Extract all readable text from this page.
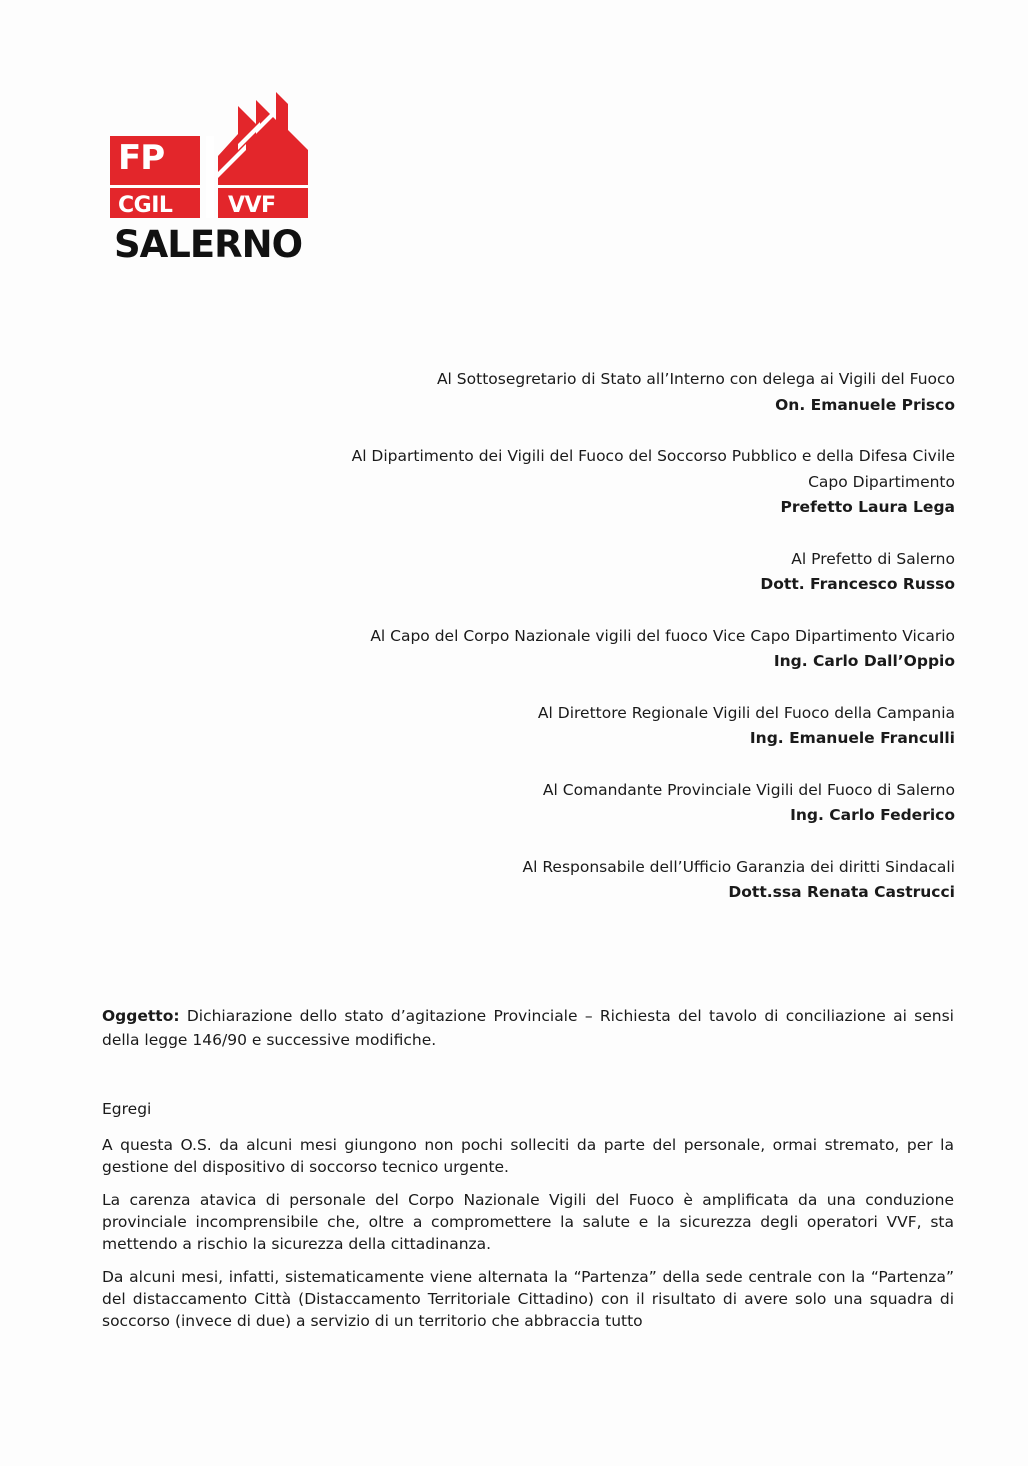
FP
CGIL	VVF
SALERNO
Al Sottosegretario di Stato all’Interno con delega ai Vigili del Fuoco
On. Emanuele Prisco
Al Dipartimento dei Vigili del Fuoco del Soccorso Pubblico e della Difesa Civile
Capo Dipartimento
Prefetto Laura Lega
Al Prefetto di Salerno
Dott. Francesco Russo
Al Capo del Corpo Nazionale vigili del fuoco Vice Capo Dipartimento Vicario
Ing. Carlo Dall’Oppio
Al Direttore Regionale Vigili del Fuoco della Campania
Ing. Emanuele Franculli
Al Comandante Provinciale Vigili del Fuoco di Salerno
Ing. Carlo Federico
Al Responsabile dell’Ufficio Garanzia dei diritti Sindacali
Dott.ssa Renata Castrucci
Oggetto: Dichiarazione dello stato d’agitazione Provinciale – Richiesta del tavolo di conciliazione ai sensi della legge 146/90 e successive modifiche.

Egregi

A questa O.S. da alcuni mesi giungono non pochi solleciti da parte del personale, ormai stremato, per la gestione del dispositivo di soccorso tecnico urgente.

La carenza atavica di personale del Corpo Nazionale Vigili del Fuoco è amplificata da una conduzione provinciale incomprensibile che, oltre a compromettere la salute e la sicurezza degli operatori VVF, sta mettendo a rischio la sicurezza della cittadinanza.

Da alcuni mesi, infatti, sistematicamente viene alternata la “Partenza” della sede centrale con la “Partenza” del distaccamento Città (Distaccamento Territoriale Cittadino) con il risultato di avere solo una squadra di soccorso (invece di due) a servizio di un territorio che abbraccia tutto
